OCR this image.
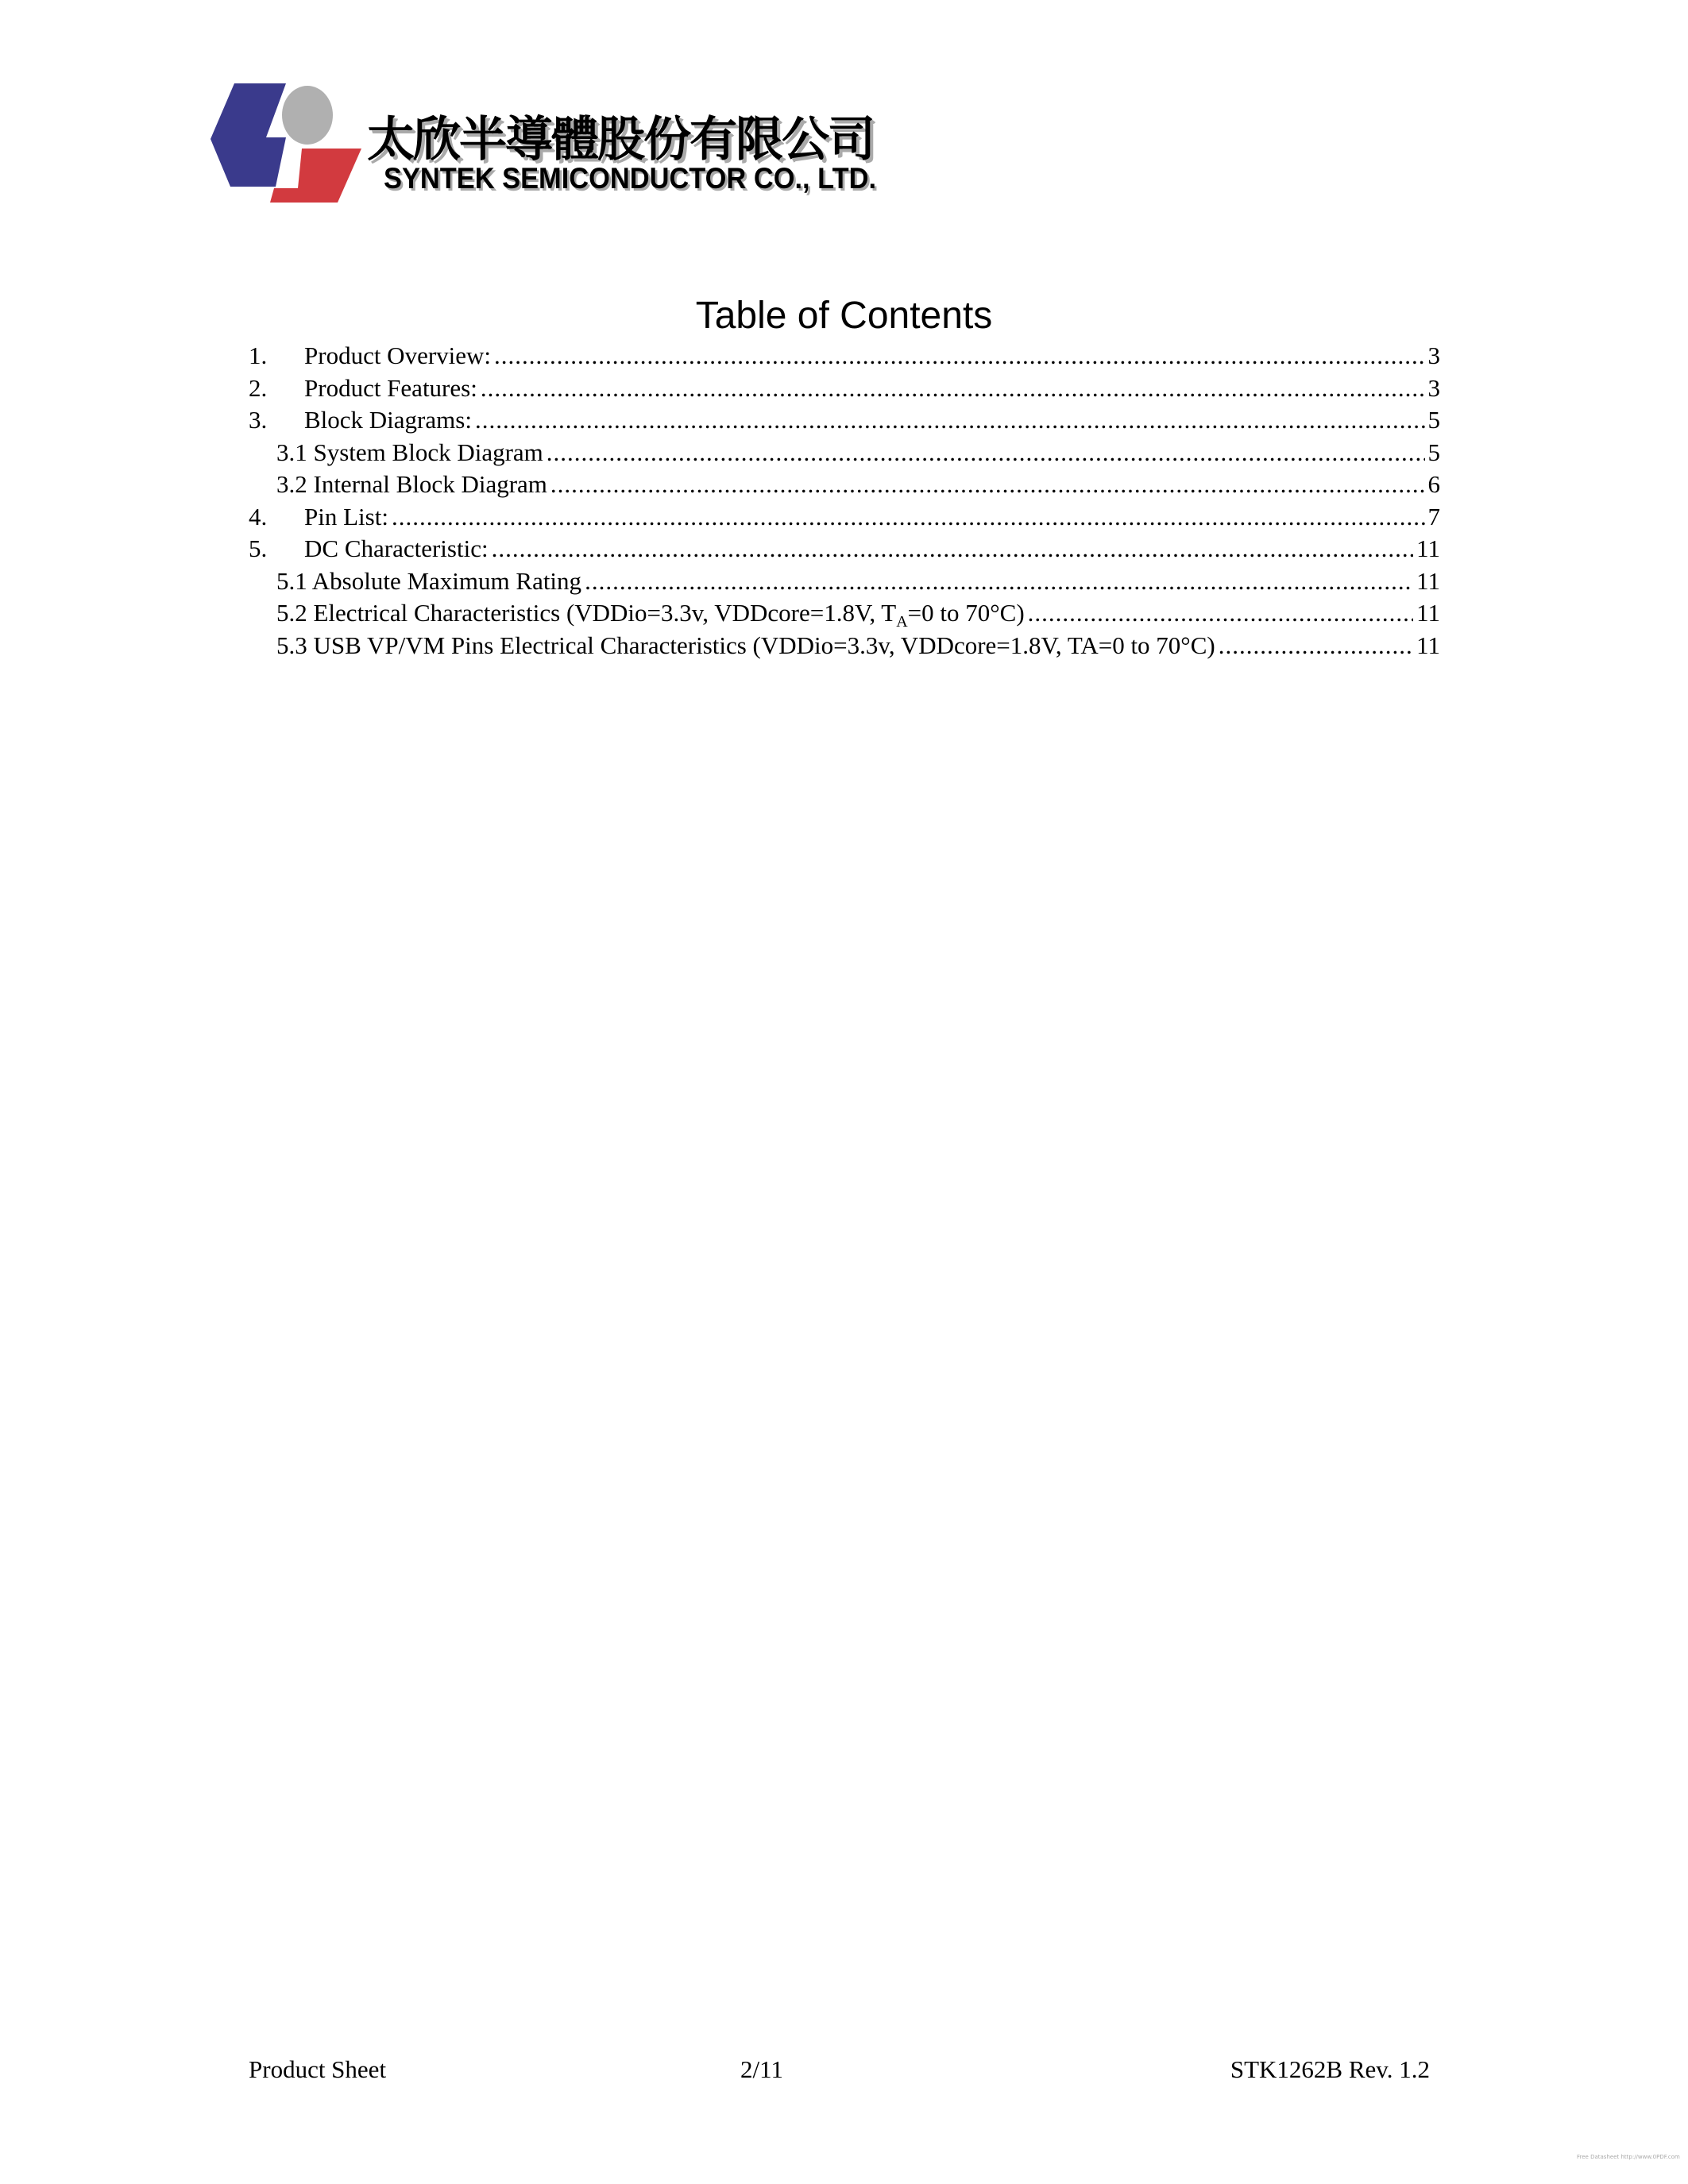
太欣半導體股份有限公司
SYNTEK SEMICONDUCTOR CO., LTD.
Table of Contents
1.	Product Overview: .....	3
2.	Product Features: .....	3
3.	Block Diagrams: .....	5
3.1 System Block Diagram .....	5
3.2 Internal Block Diagram .....	6
4.	Pin List: .....	7
5.	DC Characteristic: .....	11
5.1 Absolute Maximum Rating .....	11
5.2 Electrical Characteristics (VDDio=3.3v, VDDcore=1.8V, $T_A=0$ to 70°C) .....	11
5.3 USB VP/VM Pins Electrical Characteristics (VDDio=3.3v, VDDcore=1.8V, TA=0 to 70°C) .....	11
Product Sheet	2/11	STK1262B Rev. 1.2
Free Datasheet http://www.0PDF.com
